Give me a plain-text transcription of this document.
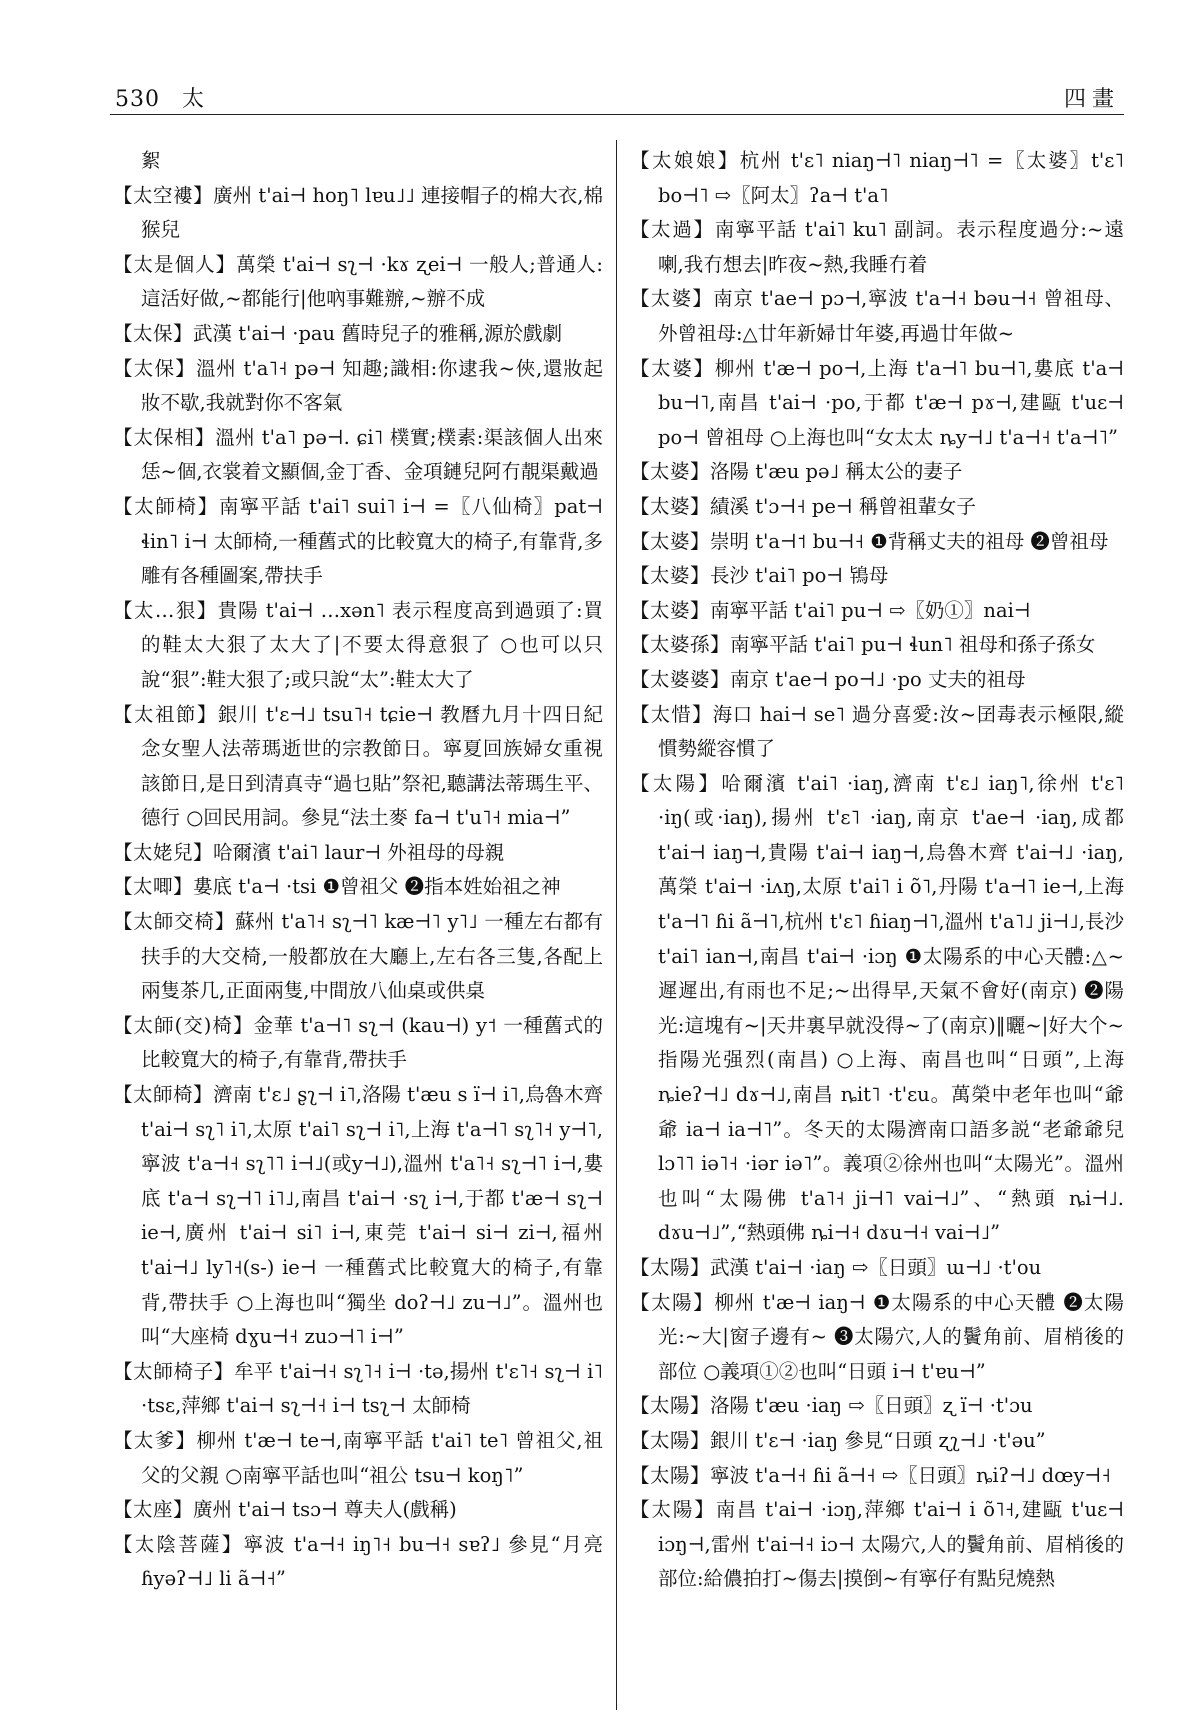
530 太	四畫

絮

【太空褸】廣州 t'ai⊣ hoŋ˥ lɐu˩˩ 連接帽子的棉大衣,棉猴兒

【太是個人】萬榮 t'ai⊣ sʅ⊣ ·kɤ ʐei⊣ 一般人;普通人:這活好做,~都能行|他吶事難辦,~辦不成

【太保】武漢 t'ai⊣ ·pau 舊時兒子的雅稱,源於戲劇

【太保】溫州 t'a˥˧ pə⊣ 知趣;識相:你逮我~俠,還妝起妝不歇,我就對你不客氣

【太保相】溫州 t'a˥ pə⊣. ɕi˥ 樸實;樸素:渠該個人出來恁~個,衣裳着文顯個,金丁香、金項鏈兒阿冇靚渠戴過

【太師椅】南寧平話 t'ai˥ sui˥ i⊣ =〖八仙椅〗pat⊣ ɬin˥ i⊣ 太師椅,一種舊式的比較寬大的椅子,有靠背,多雕有各種圖案,帶扶手

【太…狠】貴陽 t'ai⊣ …xən˥ 表示程度高到過頭了:買的鞋太大狠了太大了|不要太得意狠了 ○也可以只說“狠”:鞋大狠了;或只說“太”:鞋太大了

【太祖節】銀川 t'ɛ⊣˩ tsu˥˧ tɕie⊣ 教曆九月十四日紀念女聖人法蒂瑪逝世的宗教節日。寧夏回族婦女重視該節日,是日到清真寺“過乜貼”祭祀,聽講法蒂瑪生平、德行 ○回民用詞。參見“法土麥 fa⊣ t'u˥˧ mia⊣”

【太姥兒】哈爾濱 t'ai˥ laur⊣ 外祖母的母親

【太唧】婁底 t'a⊣ ·tsi ❶曾祖父 ❷指本姓始祖之神

【太師交椅】蘇州 t'a˥˧ sʅ⊣˥ kæ⊣˥ y˥˩ 一種左右都有扶手的大交椅,一般都放在大廳上,左右各三隻,各配上兩隻茶几,正面兩隻,中間放八仙桌或供桌

【太師(交)椅】金華 t'a⊣˥ sʅ⊣ (kau⊣) y˦ 一種舊式的比較寬大的椅子,有靠背,帶扶手

【太師椅】濟南 t'ɛ˩ ʂʅ⊣ i˥,洛陽 t'æu s ï⊣ i˥,烏魯木齊 t'ai⊣ sʅ˥ i˥,太原 t'ai˥ sʅ⊣ i˥,上海 t'a⊣˥ sʅ˥˧ y⊣˥,寧波 t'a⊣˧ sʅ˥˥ i⊣˩(或y⊣˩),溫州 t'a˥˧ sʅ⊣˥ i⊣,婁底 t'a⊣ sʅ⊣˥ i˥˩,南昌 t'ai⊣ ·sʅ i⊣,于都 t'æ⊣ sʅ⊣ ie⊣,廣州 t'ai⊣ si˥ i⊣,東莞 t'ai⊣ si⊣ zi⊣,福州 t'ai⊣˩ ly˥˧(s-) ie⊣ 一種舊式比較寬大的椅子,有靠背,帶扶手 ○上海也叫“獨坐 doʔ⊣˩ zu⊣˩”。溫州也叫“大座椅 dɣu⊣˧ zuɔ⊣˥ i⊣”

【太師椅子】牟平 t'ai⊣˧ sʅ˥˧ i⊣ ·tə,揚州 t'ɛ˥˧ sʅ⊣ i˥ ·tsɛ,萍鄉 t'ai⊣ sʅ⊣˧ i⊣ tsʅ⊣ 太師椅

【太爹】柳州 t'æ⊣ te⊣,南寧平話 t'ai˥ te˥ 曾祖父,祖父的父親 ○南寧平話也叫“祖公 tsu⊣ koŋ˥”

【太座】廣州 t'ai⊣ tsɔ⊣ 尊夫人(戲稱)

【太陰菩薩】寧波 t'a⊣˧ iŋ˥˧ bu⊣˧ sɐʔ˩ 參見“月亮 ɦyəʔ⊣˩ li ã⊣˧”

【太娘娘】杭州 t'ɛ˥ niaŋ⊣˥ niaŋ⊣˥ =〖太婆〗t'ɛ˥ bo⊣˥ ⇨〖阿太〗ʔa⊣ t'a˥

【太過】南寧平話 t'ai˥ ku˥ 副詞。表示程度過分:~遠喇,我冇想去|昨夜~熱,我睡冇着

【太婆】南京 t'ae⊣ pɔ⊣,寧波 t'a⊣˧ bəu⊣˧ 曾祖母、外曾祖母:△廿年新婦廿年婆,再過廿年做~

【太婆】柳州 t'æ⊣ po⊣,上海 t'a⊣˥ bu⊣˥,婁底 t'a⊣ bu⊣˥,南昌 t'ai⊣ ·po,于都 t'æ⊣ pɤ⊣,建甌 t'uɛ⊣ po⊣ 曾祖母 ○上海也叫“女太太 ȵy⊣˩ t'a⊣˧ t'a⊣˥”

【太婆】洛陽 t'æu pə˩ 稱太公的妻子

【太婆】績溪 t'ɔ⊣˧ pe⊣ 稱曾祖輩女子

【太婆】崇明 t'a⊣˦ bu⊣˧ ❶背稱丈夫的祖母 ❷曾祖母

【太婆】長沙 t'ai˥ po⊣ 鴇母

【太婆】南寧平話 t'ai˥ pu⊣ ⇨〖奶①〗nai⊣

【太婆孫】南寧平話 t'ai˥ pu⊣ ɬun˥ 祖母和孫子孫女

【太婆婆】南京 t'ae⊣ po⊣˩ ·po 丈夫的祖母

【太惜】海口 hai⊣ se˥ 過分喜愛:汝~囝毒表示極限,縱慣勢縱容慣了

【太陽】哈爾濱 t'ai˥ ·iaŋ,濟南 t'ɛ˩ iaŋ˥,徐州 t'ɛ˥ ·iŋ(或·iaŋ),揚州 t'ɛ˥ ·iaŋ,南京 t'ae⊣ ·iaŋ,成都 t'ai⊣ iaŋ⊣,貴陽 t'ai⊣ iaŋ⊣,烏魯木齊 t'ai⊣˩ ·iaŋ,萬榮 t'ai⊣ ·iʌŋ,太原 t'ai˥ i õ˥,丹陽 t'a⊣˥ ie⊣,上海 t'a⊣˥ ɦi ã⊣˥,杭州 t'ɛ˥ ɦiaŋ⊣˥,溫州 t'a˥˩ ji⊣˩,長沙 t'ai˥ ian⊣,南昌 t'ai⊣ ·iɔŋ ❶太陽系的中心天體:△~遲遲出,有雨也不足;~出得早,天氣不會好(南京) ❷陽光:這塊有~|天井裏早就没得~了(南京)‖曬~|好大个~指陽光强烈(南昌) ○上海、南昌也叫“日頭”,上海 ȵieʔ⊣˩ dɤ⊣˩,南昌 ȵit˥ ·t'ɛu。萬榮中老年也叫“爺爺 ia⊣ ia⊣˥”。冬天的太陽濟南口語多説“老爺爺兒 lɔ˥˥ iə˥˧ ·iər iə˥”。義項②徐州也叫“太陽光”。溫州也叫“太陽佛 t'a˥˧ ji⊣˥ vai⊣˩”、“熱頭 ȵi⊣˩. dɤu⊣˩”,“熱頭佛 ȵi⊣˧ dɤu⊣˧ vai⊣˩”

【太陽】武漢 t'ai⊣ ·iaŋ ⇨〖日頭〗ɯ⊣˩ ·t'ou

【太陽】柳州 t'æ⊣ iaŋ⊣ ❶太陽系的中心天體 ❷太陽光:~大|窗子邊有~ ❸太陽穴,人的鬢角前、眉梢後的部位 ○義項①②也叫“日頭 i⊣ t'ɐu⊣”

【太陽】洛陽 t'æu ·iaŋ ⇨〖日頭〗ʐ ï⊣ ·t'ɔu

【太陽】銀川 t'ɛ⊣ ·iaŋ 參見“日頭 ʐʅ⊣˩ ·t'əu”

【太陽】寧波 t'a⊣˧ ɦi ã⊣˧ ⇨〖日頭〗ȵiʔ⊣˩ dœy⊣˧

【太陽】南昌 t'ai⊣ ·iɔŋ,萍鄉 t'ai⊣ i õ˥˧,建甌 t'uɛ⊣ iɔŋ⊣,雷州 t'ai⊣˧ iɔ⊣ 太陽穴,人的鬢角前、眉梢後的部位:給儂拍打~傷去|摸倒~有寧仔有點兒燒熱
